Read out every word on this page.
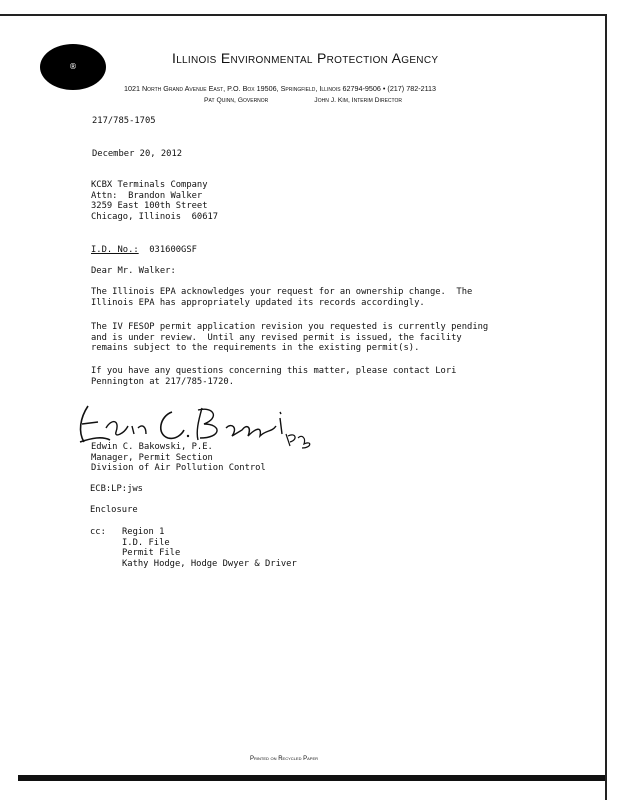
®
Illinois Environmental Protection Agency
1021 North Grand Avenue East, P.O. Box 19506, Springfield, Illinois 62794-9506 • (217) 782-2113
Pat Quinn, Governor	John J. Kim, Interim Director
217/785-1705
December 20, 2012
KCBX Terminals Company
Attn:  Brandon Walker
3259 East 100th Street
Chicago, Illinois  60617
I.D. No.: 031600GSF
Dear Mr. Walker:
The Illinois EPA acknowledges your request for an ownership change.  The
Illinois EPA has appropriately updated its records accordingly.
The IV FESOP permit application revision you requested is currently pending
and is under review.  Until any revised permit is issued, the facility
remains subject to the requirements in the existing permit(s).
If you have any questions concerning this matter, please contact Lori
Pennington at 217/785-1720.
Edwin C. Bakowski, P.E.
Manager, Permit Section
Division of Air Pollution Control
ECB:LP:jws
Enclosure
cc: Region 1
I.D. File
Permit File
Kathy Hodge, Hodge Dwyer & Driver
Printed on Recycled Paper
